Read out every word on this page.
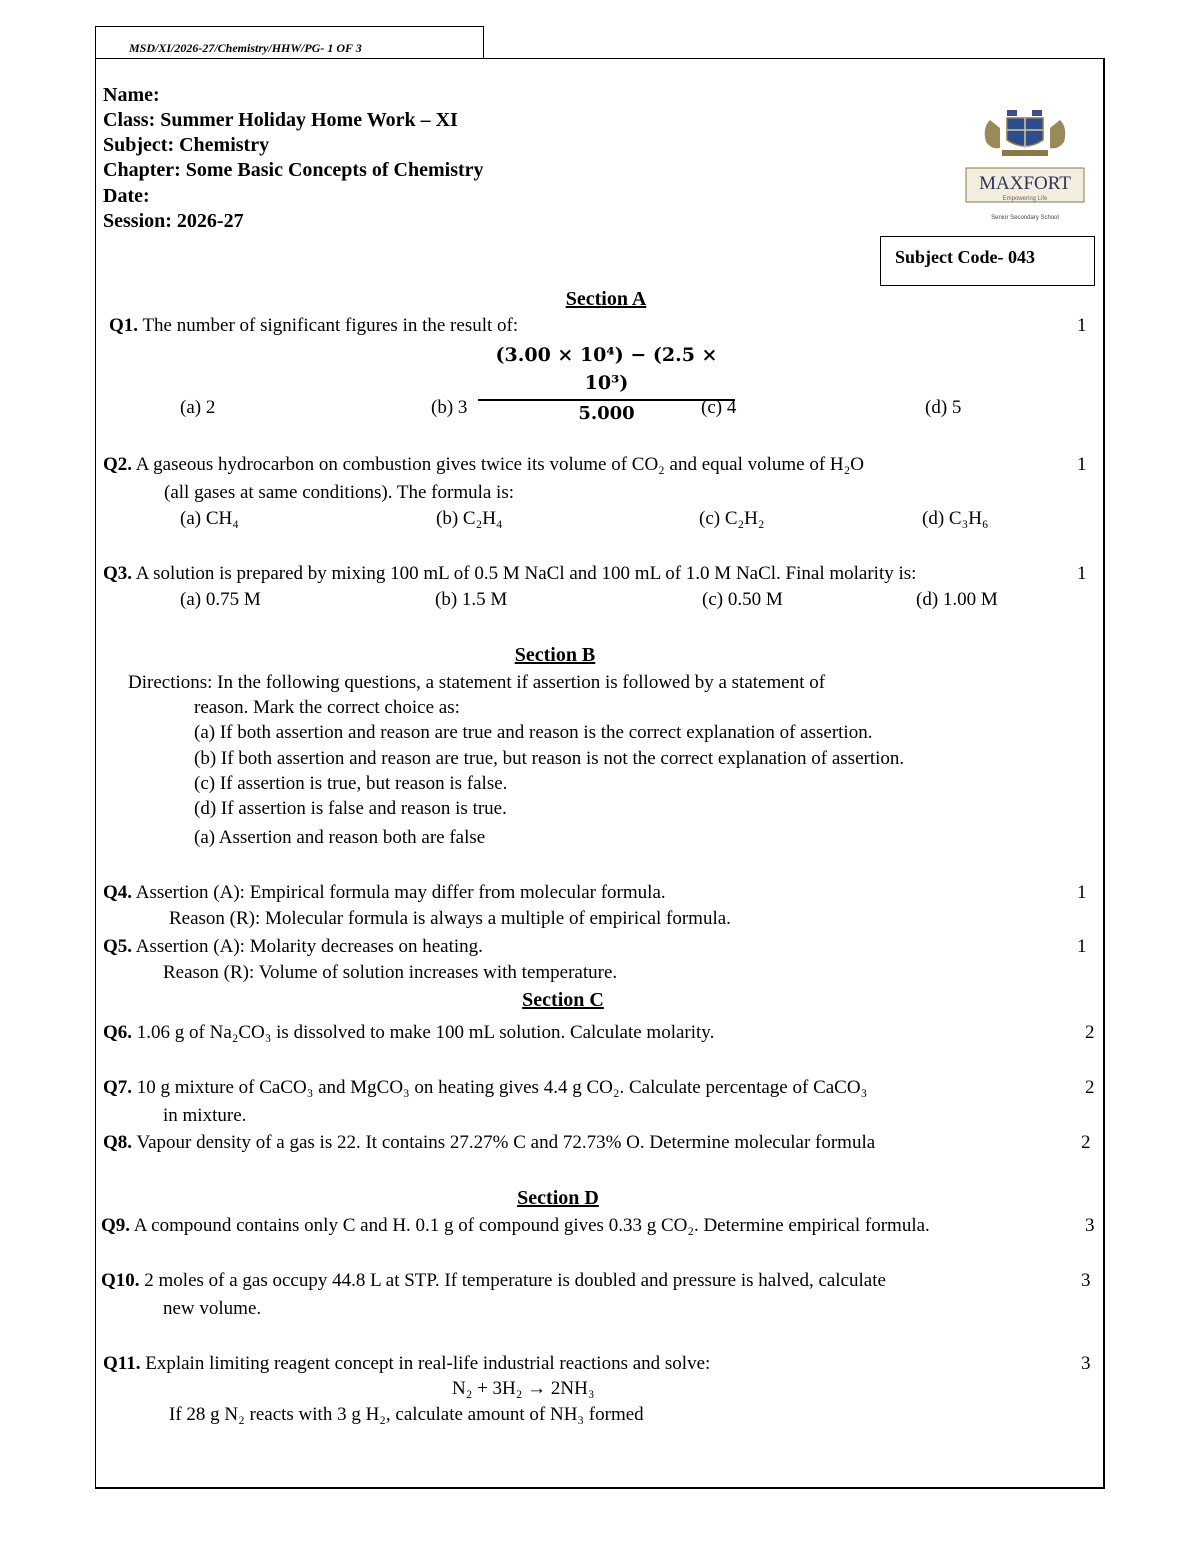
MSD/XI/2026-27/Chemistry/HHW/PG- 1 OF 3
Name:
Class: Summer Holiday Home Work – XI
Subject: Chemistry
Chapter: Some Basic Concepts of Chemistry
Date:
Session: 2026-27
MAXFORT
Empowering Life
Senior Secondary School
Subject Code- 043
Section A
Q1. The number of significant figures in the result of:	1
$\frac{\text{(3.00 × 10⁴) − (2.5 × 10³)}}{5.000}$
(a) 2	(b) 3	(c) 4	(d) 5
Q2. A gaseous hydrocarbon on combustion gives twice its volume of CO₂ and equal volume of H₂O	1
(all gases at same conditions). The formula is:
(a) CH₄	(b) C₂H₄	(c) C₂H₂	(d) C₃H₆
Q3. A solution is prepared by mixing 100 mL of 0.5 M NaCl and 100 mL of 1.0 M NaCl. Final molarity is:	1
(a) 0.75 M	(b) 1.5 M	(c) 0.50 M	(d) 1.00 M
Section B
Directions: In the following questions, a statement if assertion is followed by a statement of
reason. Mark the correct choice as:
(a) If both assertion and reason are true and reason is the correct explanation of assertion.
(b) If both assertion and reason are true, but reason is not the correct explanation of assertion.
(c) If assertion is true, but reason is false.
(d) If assertion is false and reason is true.
(a) Assertion and reason both are false
Q4. Assertion (A): Empirical formula may differ from molecular formula.	1
Reason (R): Molecular formula is always a multiple of empirical formula.
Q5. Assertion (A): Molarity decreases on heating.	1
Reason (R): Volume of solution increases with temperature.
Section C
Q6. 1.06 g of Na₂CO₃ is dissolved to make 100 mL solution. Calculate molarity.	2
Q7. 10 g mixture of CaCO₃ and MgCO₃ on heating gives 4.4 g CO₂. Calculate percentage of CaCO₃	2
in mixture.
Q8. Vapour density of a gas is 22. It contains 27.27% C and 72.73% O. Determine molecular formula	2
Section D
Q9. A compound contains only C and H. 0.1 g of compound gives 0.33 g CO₂. Determine empirical formula.	3
Q10. 2 moles of a gas occupy 44.8 L at STP. If temperature is doubled and pressure is halved, calculate	3
new volume.
Q11. Explain limiting reagent concept in real-life industrial reactions and solve:	3
N₂ + 3H₂ → 2NH₃
If 28 g N₂ reacts with 3 g H₂, calculate amount of NH₃ formed
